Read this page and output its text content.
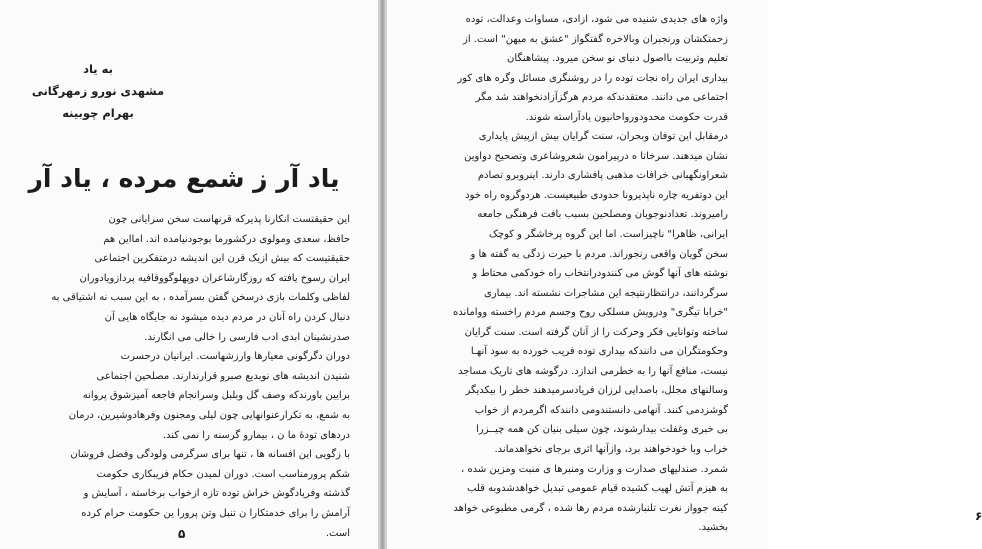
به یاد
مشهدی نورو زمهرگانی
بهرام چوبینه
یاد آر ز شمع مرده ، یاد آر
این حقیقتست انکارنا پذیرکه قرنهاست سخن سرایانی چون
حافظ، سعدی ومولوی درکشورما بوجودنیامده اند. امااین هم
حقیقتیست که بیش ازیک قرن این اندیشه درمتفکرین اجتماعی
ایران رسوخ یافته که روزگارشاعران دوپهلوگووقافیه پردازویادوران
لفاظی وکلمات بازی درسخن گفتن بسرآمده ، به این سبب نه اشتیاقی به
دنبال کردن راه آنان در مردم دیده میشود نه جایگاه هایی آن
صدرنشینان ابدی ادب فارسی را خالی می انگارند.
دوران دگرگونی معیارها وارزشهاست. ایرانیان درحسرت
شنیدن اندیشه های نوبدیع صبرو قرارندارند. مصلحین اجتماعی
برایین باورندکه وصف گل وبلبل وسرانجام فاجعه آمیزشوق پروانه
به شمع، به تکرارعنوانهایی چون لیلی ومجنون وفرهادوشیرین، درمان
دردهای تودهٔ ما ن ، بیمارو گرسنه را نمی کند.
با زگویی این افسانه ها ، تنها برای سرگرمی ولودگی وفضل فروشان
شکم پرورمناسب است. دوران لمیدن حکام فریبکاری حکومت
گذشته وفریادگوش خراش توده تازه ازخواب برخاسته ، آسایش و
آرامش را برای خدمتکارا ن تنبل وتن پرورا ین حکومت حرام کرده
است.
۵
۶
واژه های جدیدی شنیده می شود، ازادی، مساوات وعدالت، توده
زحمتکشان ورنجبران وبالاخره گفتگواز "عشق به میهن" است. از
تعلیم وتربیت بااصول دنیای نو سخن میرود. پیشاهنگان
بیداری ایران راه نجات توده را در روشنگری مسائل وگره های کور
اجتماعی می دانند. معتقدندکه مردم هرگزآزادنخواهند شد مگر
قدرت حکومت محدودورواحانیون یادآراسته شوند.
درمقابل این توفان وبحران، سنت گرایان بیش ازپیش پایداری
نشان میدهند. سرخاتا ه درپیرامون شعروشاعری وتصحیح دواوین
شعراونگهبانی خرافات مذهبی پافشاری دارند. اینروبرو تصادم
این دوتفریه چاره ناپذیرونا حدودی طبیعیست. هردوگروه راه خود
رامیروند. تعدادنوجویان ومصلحین بسبب بافت فرهنگی جامعه
ایرانی، ظاهرا" ناچیزاست. اما این گروه پرخاشگر و کوچک
سخن گویان واقعی رنجوراند. مردم با حیرت زدگی به گفته ها و
نوشته های آنها گوش می کنندودرانتخاب راه خودکمی محتاط و
سرگردانند، درانتظارنتیجه این مشاجرات نشسته اند. بیماری
"خرابا تیگری" ودرویش مسلکی روح وجسم مردم راخسته ووامانده
ساخته وتوانایی فکر وحرکت را از آنان گرفته است. سنت گرایان
وحکومتگران می دانندکه بیداری توده فریب خورده به سود آنهـا
نیست، منافع آنها را به خطرمی اندازد. درگوشه های تاریک مساجد
وسالنهای مجلل، باصدایی لرزان فریادسرمیدهند خطر را بیکدیگر
گوشزدمی کنند. آنهامی دانستندومی دانندکه اگرمردم از خواب
بی خبری وغفلت بیدارشوند، چون سیلی بنیان کن همه چیــزرا
خراب وبا خودخواهند برد، وازآنها اثری برجای نخواهدماند.
شمرد. صندلیهای صدارت و وزارت ومنبرها ی منبت ومزین شده ،
به هیزم آتش لهیب کشیده قیام عمومی تبدیل خواهدشدوبه قلب
کینه جوواز نغرت تلنبارشده مردم رها شده ، گرمی مطبوعی خواهد
بخشید.
